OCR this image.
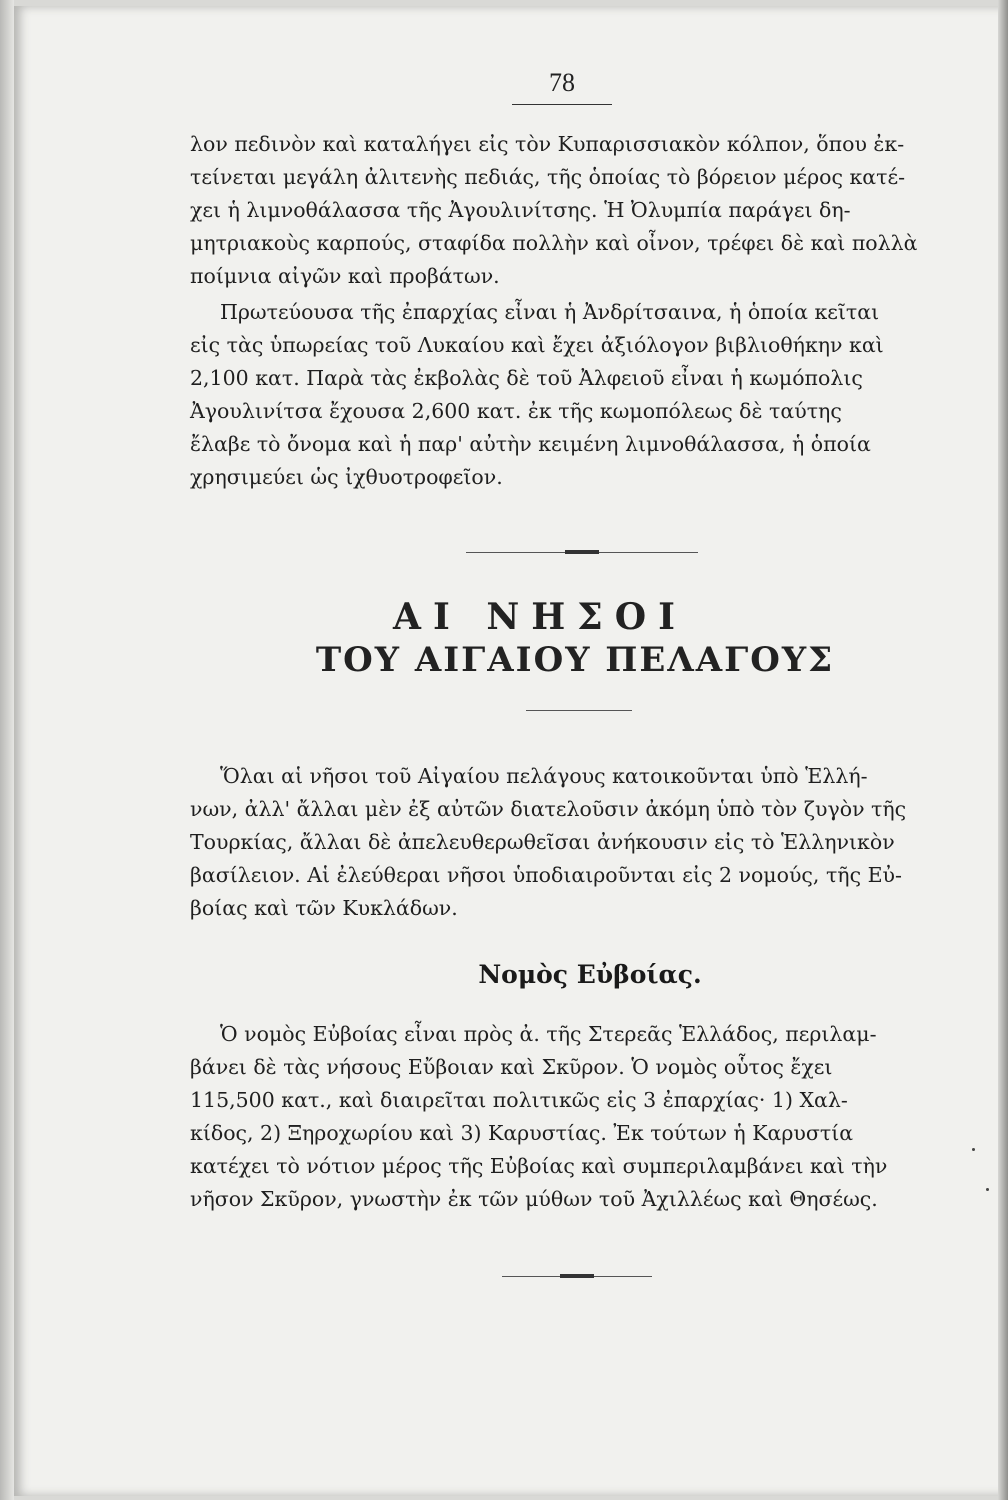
78

λον πεδινὸν καὶ καταλήγει εἰς τὸν Κυπαρισσιακὸν κόλπον, ὅπου ἐκ-

τείνεται μεγάλη ἀλιτενὴς πεδιάς, τῆς ὁποίας τὸ βόρειον μέρος κατέ-

χει ἡ λιμνοθάλασσα τῆς Ἀγουλινίτσης. Ἡ Ὀλυμπία παράγει δη-

μητριακοὺς καρπούς, σταφίδα πολλὴν καὶ οἶνον, τρέφει δὲ καὶ πολλὰ

ποίμνια αἰγῶν καὶ προβάτων.

Πρωτεύουσα τῆς ἐπαρχίας εἶναι ἡ Ἀνδρίτσαινα, ἡ ὁποία κεῖται

εἰς τὰς ὑπωρείας τοῦ Λυκαίου καὶ ἔχει ἀξιόλογον βιβλιοθήκην καὶ

2,100 κατ. Παρὰ τὰς ἐκβολὰς δὲ τοῦ Ἀλφειοῦ εἶναι ἡ κωμόπολις

Ἀγουλινίτσα ἔχουσα 2,600 κατ. ἐκ τῆς κωμοπόλεως δὲ ταύτης

ἔλαβε τὸ ὄνομα καὶ ἡ παρ' αὐτὴν κειμένη λιμνοθάλασσα, ἡ ὁποία

χρησιμεύει ὡς ἰχθυοτροφεῖον.

ΑΙ ΝΗΣΟΙ
ΤΟΥ ΑΙΓΑΙΟΥ ΠΕΛΑΓΟΥΣ

Ὅλαι αἱ νῆσοι τοῦ Αἰγαίου πελάγους κατοικοῦνται ὑπὸ Ἑλλή-

νων, ἀλλ' ἄλλαι μὲν ἐξ αὐτῶν διατελοῦσιν ἀκόμη ὑπὸ τὸν ζυγὸν τῆς

Τουρκίας, ἄλλαι δὲ ἀπελευθερωθεῖσαι ἀνήκουσιν εἰς τὸ Ἑλληνικὸν

βασίλειον. Αἱ ἐλεύθεραι νῆσοι ὑποδιαιροῦνται εἰς 2 νομούς, τῆς Εὐ-

βοίας καὶ τῶν Κυκλάδων.

Νομὸς Εὐβοίας.

Ὁ νομὸς Εὐβοίας εἶναι πρὸς ἀ. τῆς Στερεᾶς Ἑλλάδος, περιλαμ-

βάνει δὲ τὰς νήσους Εὔβοιαν καὶ Σκῦρον. Ὁ νομὸς οὗτος ἔχει

115,500 κατ., καὶ διαιρεῖται πολιτικῶς εἰς 3 ἐπαρχίας· 1) Χαλ-

κίδος, 2) Ξηροχωρίου καὶ 3) Καρυστίας. Ἐκ τούτων ἡ Καρυστία

κατέχει τὸ νότιον μέρος τῆς Εὐβοίας καὶ συμπεριλαμβάνει καὶ τὴν

νῆσον Σκῦρον, γνωστὴν ἐκ τῶν μύθων τοῦ Ἀχιλλέως καὶ Θησέως.
